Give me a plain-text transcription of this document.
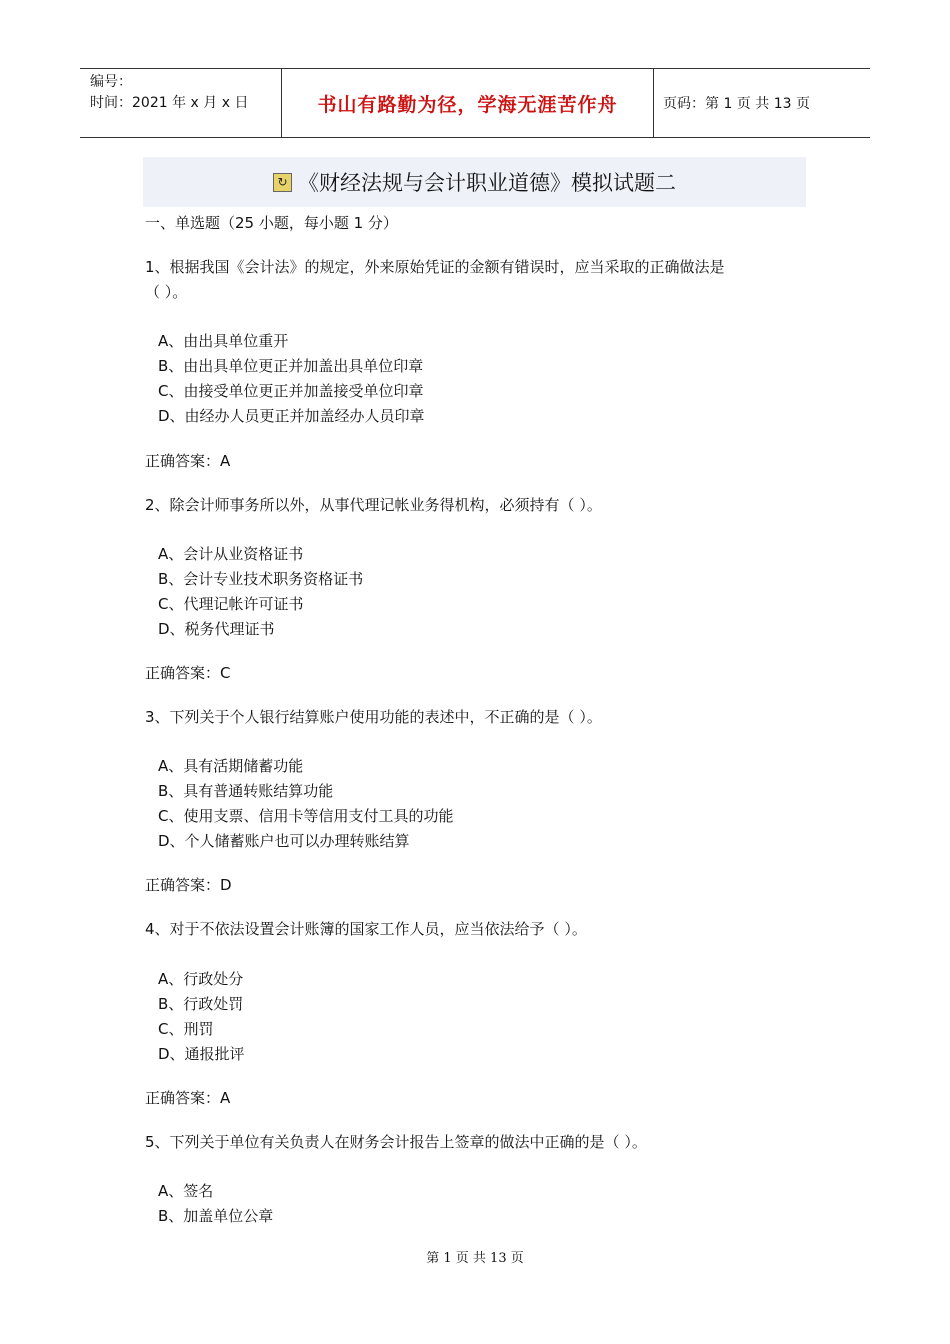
编号：
时间：2021 年 x 月 x 日	书山有路勤为径，学海无涯苦作舟	页码：第 1 页 共 13 页
↻ 《财经法规与会计职业道德》模拟试题二
一、单选题（25 小题，每小题 1 分）
1、根据我国《会计法》的规定，外来原始凭证的金额有错误时，应当采取的正确做法是
（ ）。
A、由出具单位重开
B、由出具单位更正并加盖出具单位印章
C、由接受单位更正并加盖接受单位印章
D、由经办人员更正并加盖经办人员印章
正确答案：A
2、除会计师事务所以外，从事代理记帐业务得机构，必须持有（ ）。
A、会计从业资格证书
B、会计专业技术职务资格证书
C、代理记帐许可证书
D、税务代理证书
正确答案：C
3、下列关于个人银行结算账户使用功能的表述中，不正确的是（ ）。
A、具有活期储蓄功能
B、具有普通转账结算功能
C、使用支票、信用卡等信用支付工具的功能
D、个人储蓄账户也可以办理转账结算
正确答案：D
4、对于不依法设置会计账簿的国家工作人员，应当依法给予（ ）。
A、行政处分
B、行政处罚
C、刑罚
D、通报批评
正确答案：A
5、下列关于单位有关负责人在财务会计报告上签章的做法中正确的是（ ）。
A、签名
B、加盖单位公章
第 1 页 共 13 页
